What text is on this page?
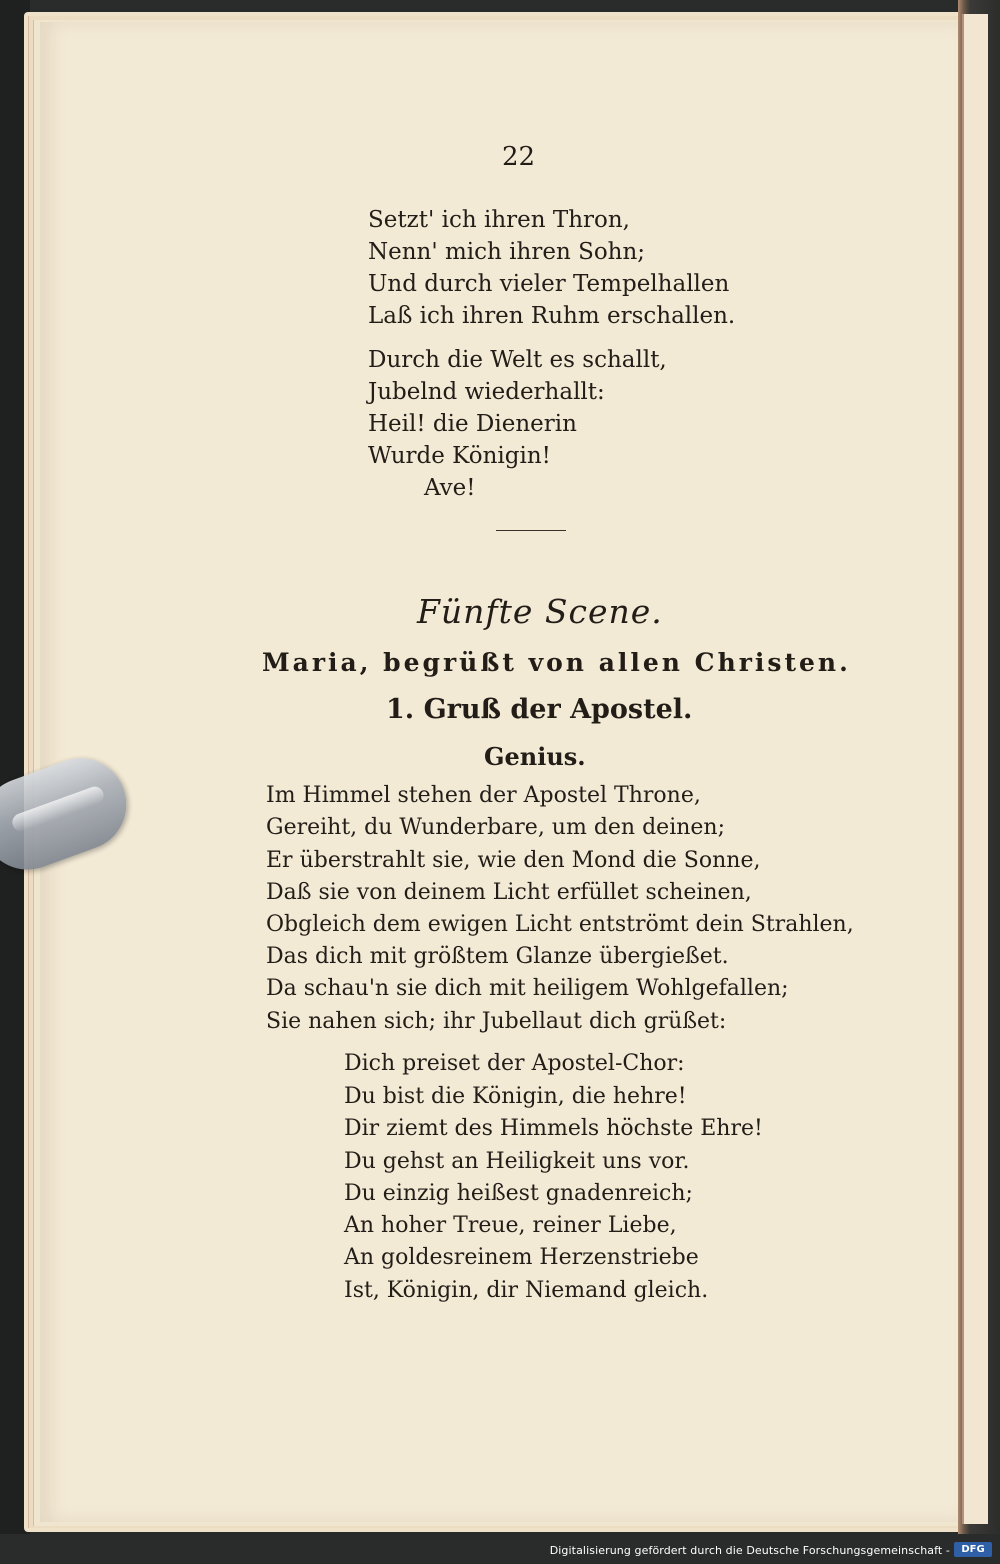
22
Setzt' ich ihren Thron,
Nenn' mich ihren Sohn;
Und durch vieler Tempelhallen
Laß ich ihren Ruhm erschallen.
Durch die Welt es schallt,
Jubelnd wiederhallt:
Heil! die Dienerin
Wurde Königin!
Ave!
Fünfte Scene.
Maria, begrüßt von allen Christen.
1. Gruß der Apostel.
Genius.
Im Himmel stehen der Apostel Throne,
Gereiht, du Wunderbare, um den deinen;
Er überstrahlt sie, wie den Mond die Sonne,
Daß sie von deinem Licht erfüllet scheinen,
Obgleich dem ewigen Licht entströmt dein Strahlen,
Das dich mit größtem Glanze übergießet.
Da schau'n sie dich mit heiligem Wohlgefallen;
Sie nahen sich; ihr Jubellaut dich grüßet:
Dich preiset der Apostel-Chor:
Du bist die Königin, die hehre!
Dir ziemt des Himmels höchste Ehre!
Du gehst an Heiligkeit uns vor.
Du einzig heißest gnadenreich;
An hoher Treue, reiner Liebe,
An goldesreinem Herzenstriebe
Ist, Königin, dir Niemand gleich.
Digitalisierung gefördert durch die Deutsche Forschungsgemeinschaft -	DFG
